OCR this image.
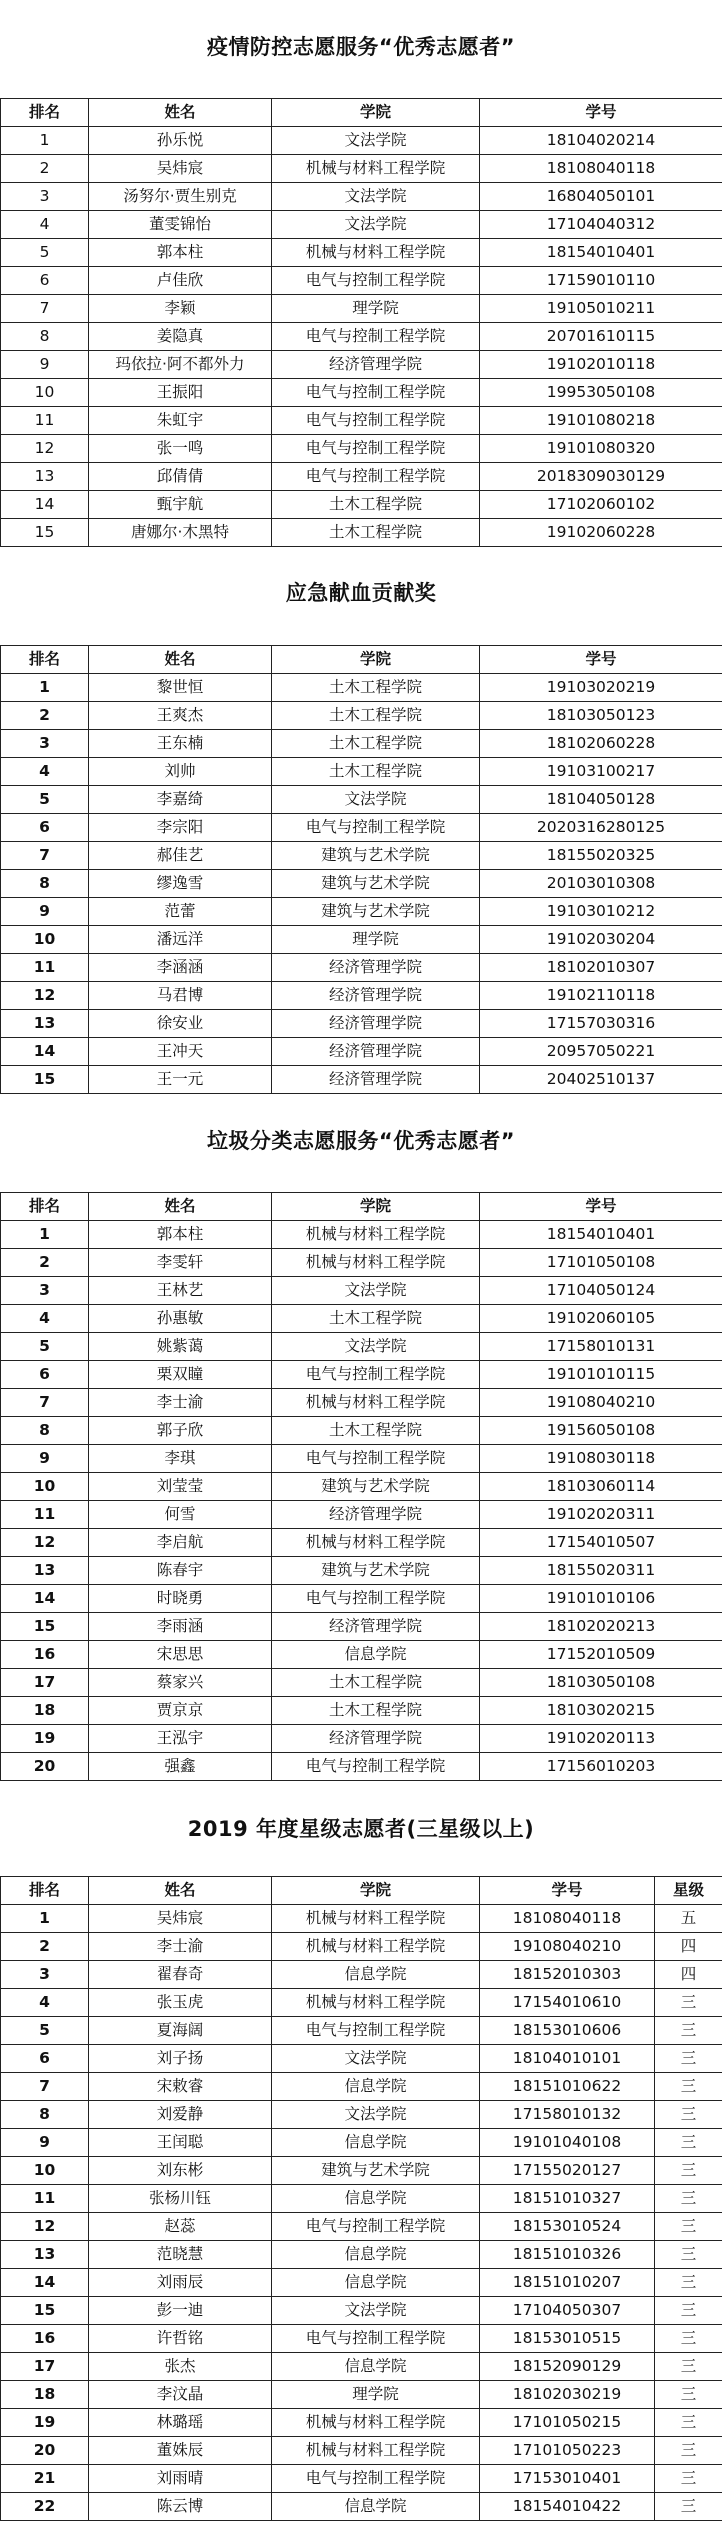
疫情防控志愿服务“优秀志愿者”
排名	姓名	学院	学号
1	孙乐悦	文法学院	18104020214
2	吴炜宸	机械与材料工程学院	18108040118
3	汤努尔·贾生别克	文法学院	16804050101
4	董雯锦怡	文法学院	17104040312
5	郭本柱	机械与材料工程学院	18154010401
6	卢佳欣	电气与控制工程学院	17159010110
7	李颖	理学院	19105010211
8	姜隐真	电气与控制工程学院	20701610115
9	玛依拉·阿不都外力	经济管理学院	19102010118
10	王振阳	电气与控制工程学院	19953050108
11	朱虹宇	电气与控制工程学院	19101080218
12	张一鸣	电气与控制工程学院	19101080320
13	邱倩倩	电气与控制工程学院	2018309030129
14	甄宇航	土木工程学院	17102060102
15	唐娜尔·木黑特	土木工程学院	19102060228
应急献血贡献奖
排名	姓名	学院	学号
1	黎世恒	土木工程学院	19103020219
2	王爽杰	土木工程学院	18103050123
3	王东楠	土木工程学院	18102060228
4	刘帅	土木工程学院	19103100217
5	李嘉绮	文法学院	18104050128
6	李宗阳	电气与控制工程学院	2020316280125
7	郝佳艺	建筑与艺术学院	18155020325
8	缪逸雪	建筑与艺术学院	20103010308
9	范蕾	建筑与艺术学院	19103010212
10	潘远洋	理学院	19102030204
11	李涵涵	经济管理学院	18102010307
12	马君博	经济管理学院	19102110118
13	徐安业	经济管理学院	17157030316
14	王冲天	经济管理学院	20957050221
15	王一元	经济管理学院	20402510137
垃圾分类志愿服务“优秀志愿者”
排名	姓名	学院	学号
1	郭本柱	机械与材料工程学院	18154010401
2	李雯轩	机械与材料工程学院	17101050108
3	王林艺	文法学院	17104050124
4	孙惠敏	土木工程学院	19102060105
5	姚紫蔼	文法学院	17158010131
6	栗双瞳	电气与控制工程学院	19101010115
7	李士渝	机械与材料工程学院	19108040210
8	郭子欣	土木工程学院	19156050108
9	李琪	电气与控制工程学院	19108030118
10	刘莹莹	建筑与艺术学院	18103060114
11	何雪	经济管理学院	19102020311
12	李启航	机械与材料工程学院	17154010507
13	陈春宇	建筑与艺术学院	18155020311
14	时晓勇	电气与控制工程学院	19101010106
15	李雨涵	经济管理学院	18102020213
16	宋思思	信息学院	17152010509
17	蔡家兴	土木工程学院	18103050108
18	贾京京	土木工程学院	18103020215
19	王泓宇	经济管理学院	19102020113
20	强鑫	电气与控制工程学院	17156010203
2019 年度星级志愿者(三星级以上)
排名	姓名	学院	学号	星级
1	吴炜宸	机械与材料工程学院	18108040118	五
2	李士渝	机械与材料工程学院	19108040210	四
3	翟春奇	信息学院	18152010303	四
4	张玉虎	机械与材料工程学院	17154010610	三
5	夏海阔	电气与控制工程学院	18153010606	三
6	刘子扬	文法学院	18104010101	三
7	宋敕睿	信息学院	18151010622	三
8	刘爱静	文法学院	17158010132	三
9	王闰聪	信息学院	19101040108	三
10	刘东彬	建筑与艺术学院	17155020127	三
11	张杨川钰	信息学院	18151010327	三
12	赵蕊	电气与控制工程学院	18153010524	三
13	范晓慧	信息学院	18151010326	三
14	刘雨辰	信息学院	18151010207	三
15	彭一迪	文法学院	17104050307	三
16	许哲铭	电气与控制工程学院	18153010515	三
17	张杰	信息学院	18152090129	三
18	李汶晶	理学院	18102030219	三
19	林璐瑶	机械与材料工程学院	17101050215	三
20	董姝辰	机械与材料工程学院	17101050223	三
21	刘雨晴	电气与控制工程学院	17153010401	三
22	陈云博	信息学院	18154010422	三
